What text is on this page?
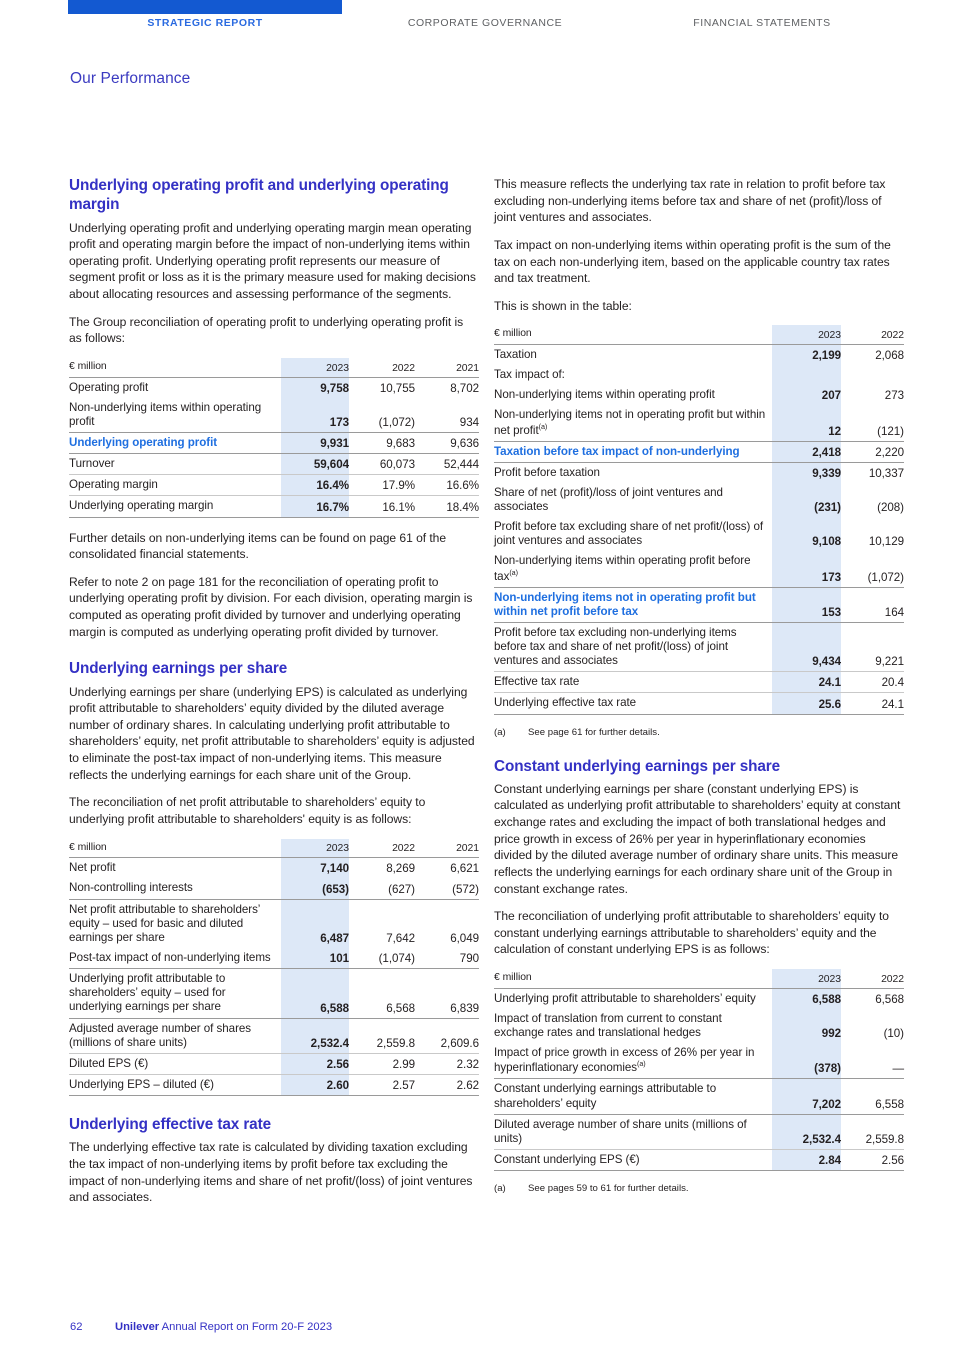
STRATEGIC REPORT	CORPORATE GOVERNANCE	FINANCIAL STATEMENTS
Our Performance
Underlying operating profit and underlying operating margin

Underlying operating profit and underlying operating margin mean operating profit and operating margin before the impact of non-underlying items within operating profit. Underlying operating profit represents our measure of segment profit or loss as it is the primary measure used for making decisions about allocating resources and assessing performance of the segments.

The Group reconciliation of operating profit to underlying operating profit is as follows:

€ million	2023	2022	2021
Operating profit	9,758	10,755	8,702
Non-underlying items within operating profit	173	(1,072)	934
Underlying operating profit	9,931	9,683	9,636
Turnover	59,604	60,073	52,444
Operating margin	16.4%	17.9%	16.6%
Underlying operating margin	16.7%	16.1%	18.4%

Further details on non-underlying items can be found on page 61 of the consolidated financial statements.

Refer to note 2 on page 181 for the reconciliation of operating profit to underlying operating profit by division. For each division, operating margin is computed as operating profit divided by turnover and underlying operating margin is computed as underlying operating profit divided by turnover.

Underlying earnings per share

Underlying earnings per share (underlying EPS) is calculated as underlying profit attributable to shareholders’ equity divided by the diluted average number of ordinary shares. In calculating underlying profit attributable to shareholders’ equity, net profit attributable to shareholders’ equity is adjusted to eliminate the post-tax impact of non-underlying items. This measure reflects the underlying earnings for each share unit of the Group.

The reconciliation of net profit attributable to shareholders’ equity to underlying profit attributable to shareholders' equity is as follows:

€ million	2023	2022	2021
Net profit	7,140	8,269	6,621
Non-controlling interests	(653)	(627)	(572)
Net profit attributable to shareholders’ equity – used for basic and diluted earnings per share	6,487	7,642	6,049
Post-tax impact of non-underlying items	101	(1,074)	790
Underlying profit attributable to shareholders’ equity – used for underlying earnings per share	6,588	6,568	6,839
Adjusted average number of shares (millions of share units)	2,532.4	2,559.8	2,609.6
Diluted EPS (€)	2.56	2.99	2.32
Underlying EPS – diluted (€)	2.60	2.57	2.62
Underlying effective tax rate

The underlying effective tax rate is calculated by dividing taxation excluding the tax impact of non-underlying items by profit before tax excluding the impact of non-underlying items and share of net profit/(loss) of joint ventures and associates.

This measure reflects the underlying tax rate in relation to profit before tax excluding non-underlying items before tax and share of net (profit)/loss of joint ventures and associates.

Tax impact on non-underlying items within operating profit is the sum of the tax on each non-underlying item, based on the applicable country tax rates and tax treatment.

This is shown in the table:

€ million	2023	2022
Taxation	2,199	2,068
Tax impact of:		
Non-underlying items within operating profit	207	273
Non-underlying items not in operating profit but within net profit$^{(a)}$	12	(121)
Taxation before tax impact of non-underlying	2,418	2,220
Profit before taxation	9,339	10,337
Share of net (profit)/loss of joint ventures and associates	(231)	(208)
Profit before tax excluding share of net profit/(loss) of joint ventures and associates	9,108	10,129
Non-underlying items within operating profit before tax$^{(a)}$	173	(1,072)
Non-underlying items not in operating profit but within net profit before tax	153	164
Profit before tax excluding non-underlying items before tax and share of net profit/(loss) of joint ventures and associates	9,434	9,221
Effective tax rate	24.1	20.4
Underlying effective tax rate	25.6	24.1

(a) See page 61 for further details.

Constant underlying earnings per share

Constant underlying earnings per share (constant underlying EPS) is calculated as underlying profit attributable to shareholders’ equity at constant exchange rates and excluding the impact of both translational hedges and price growth in excess of 26% per year in hyperinflationary economies divided by the diluted average number of ordinary share units. This measure reflects the underlying earnings for each ordinary share unit of the Group in constant exchange rates.

The reconciliation of underlying profit attributable to shareholders’ equity to constant underlying earnings attributable to shareholders’ equity and the calculation of constant underlying EPS is as follows:

€ million	2023	2022
Underlying profit attributable to shareholders’ equity	6,588	6,568
Impact of translation from current to constant exchange rates and translational hedges	992	(10)
Impact of price growth in excess of 26% per year in hyperinflationary economies$^{(a)}$	(378)	—
Constant underlying earnings attributable to shareholders’ equity	7,202	6,558
Diluted average number of share units (millions of units)	2,532.4	2,559.8
Constant underlying EPS (€)	2.84	2.56

(a) See pages 59 to 61 for further details.

62	Unilever Annual Report on Form 20-F 2023
